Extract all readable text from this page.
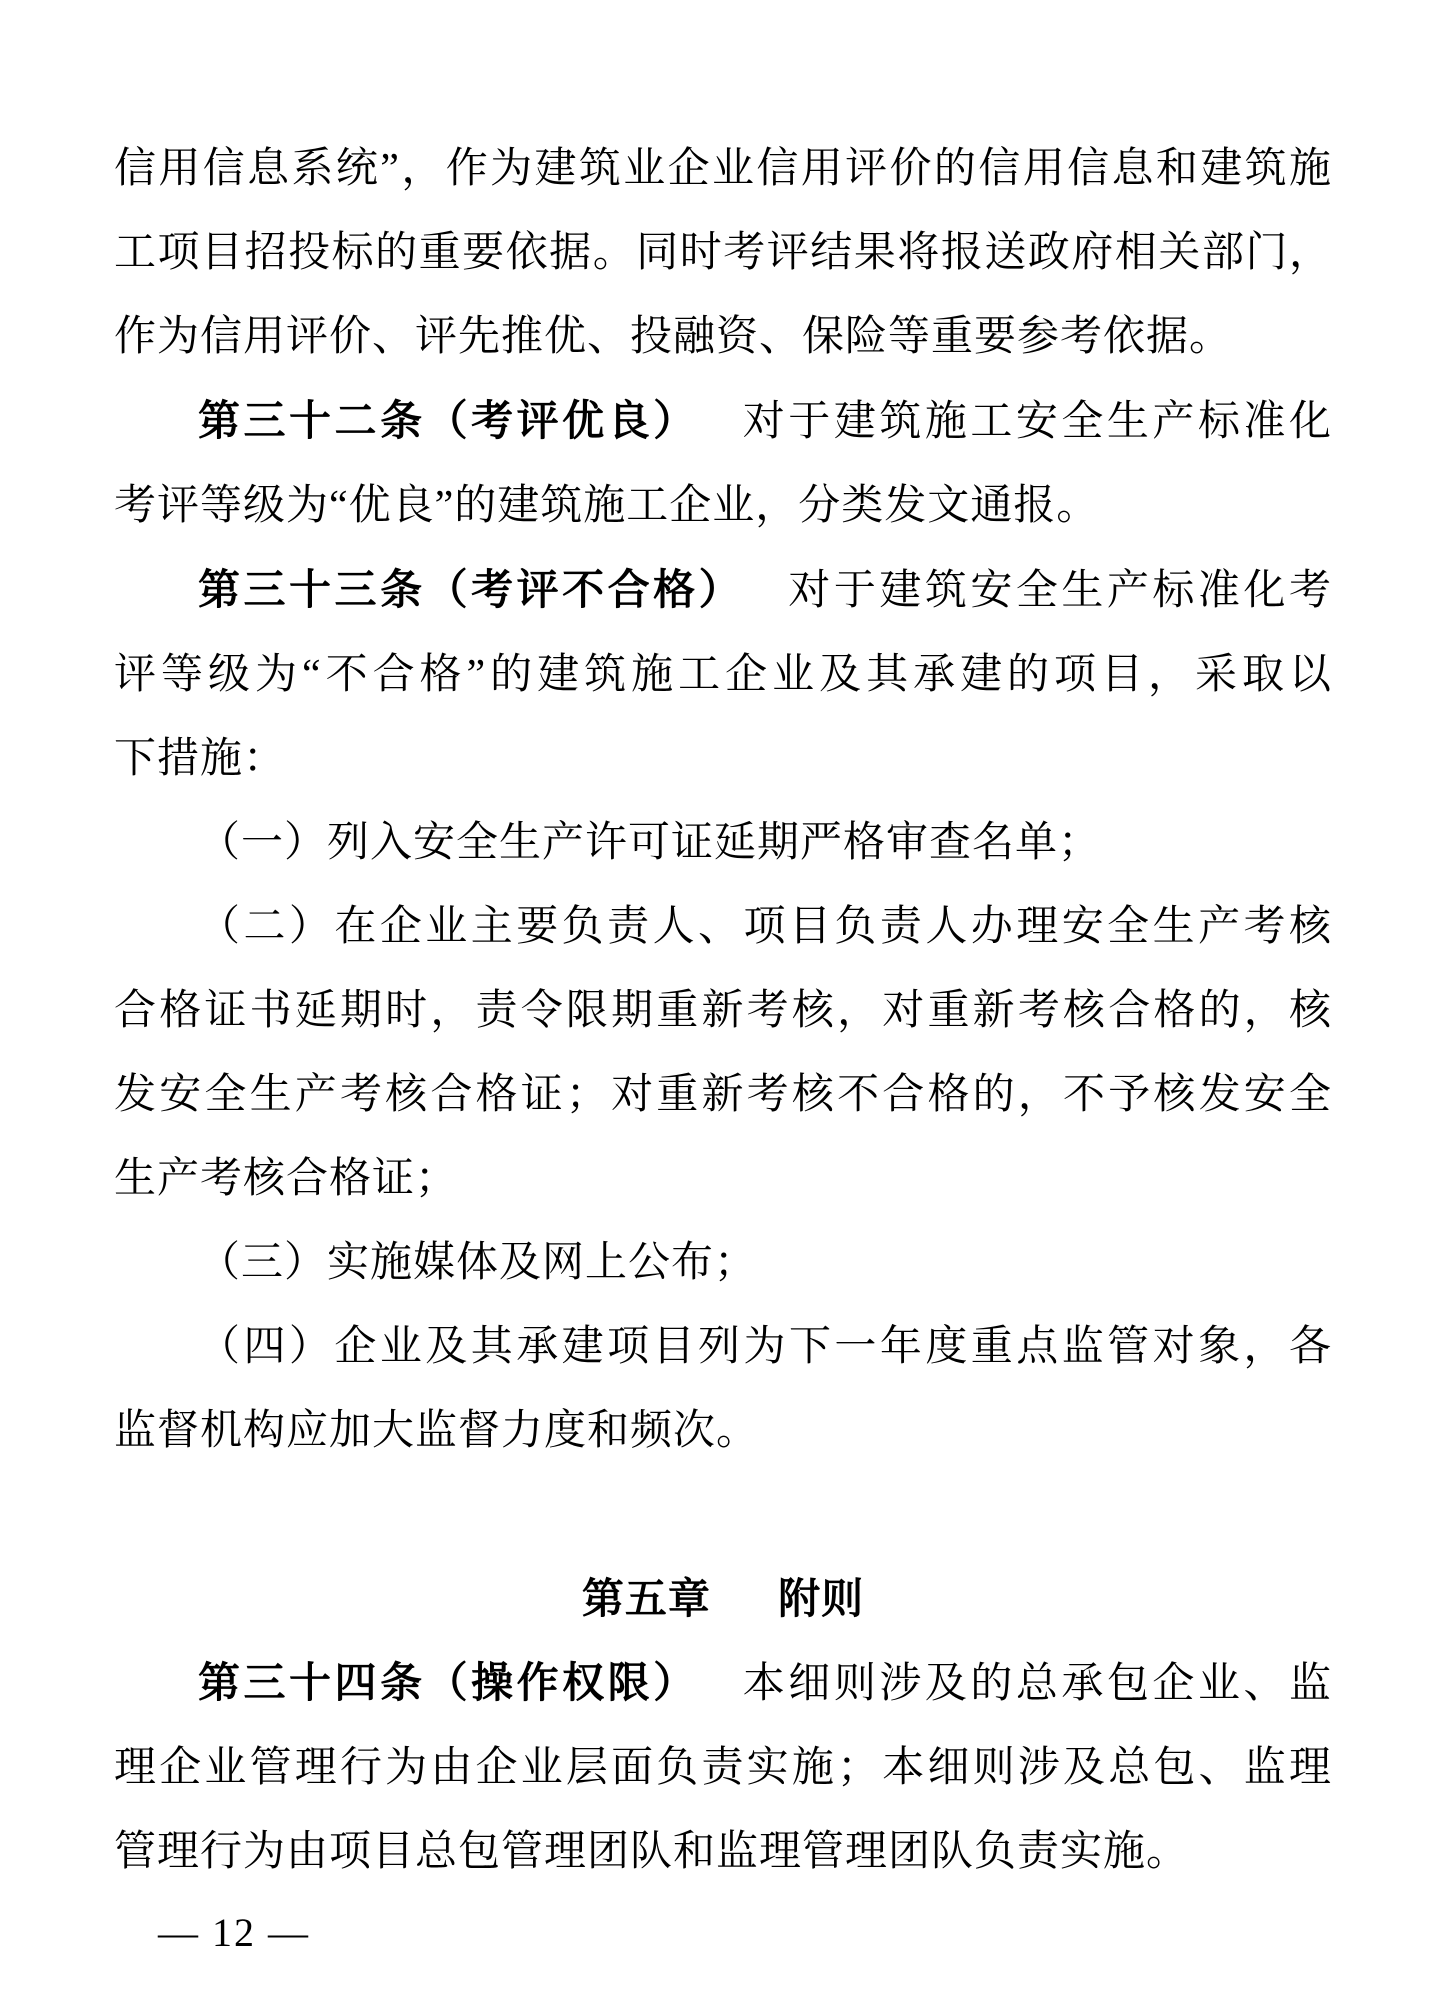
信用信息系统”，作为建筑业企业信用评价的信用信息和建筑施

工项目招投标的重要依据。同时考评结果将报送政府相关部门，

作为信用评价、评先推优、投融资、保险等重要参考依据。

第三十二条（考评优良） 对于建筑施工安全生产标准化

考评等级为“优良”的建筑施工企业，分类发文通报。

第三十三条（考评不合格） 对于建筑安全生产标准化考

评等级为“不合格”的建筑施工企业及其承建的项目，采取以

下措施：

（一）列入安全生产许可证延期严格审查名单；

（二）在企业主要负责人、项目负责人办理安全生产考核

合格证书延期时，责令限期重新考核，对重新考核合格的，核

发安全生产考核合格证；对重新考核不合格的，不予核发安全

生产考核合格证；

（三）实施媒体及网上公布；

（四）企业及其承建项目列为下一年度重点监管对象，各

监督机构应加大监督力度和频次。

第五章 附则

第三十四条（操作权限） 本细则涉及的总承包企业、监

理企业管理行为由企业层面负责实施；本细则涉及总包、监理

管理行为由项目总包管理团队和监理管理团队负责实施。

— 12 —
